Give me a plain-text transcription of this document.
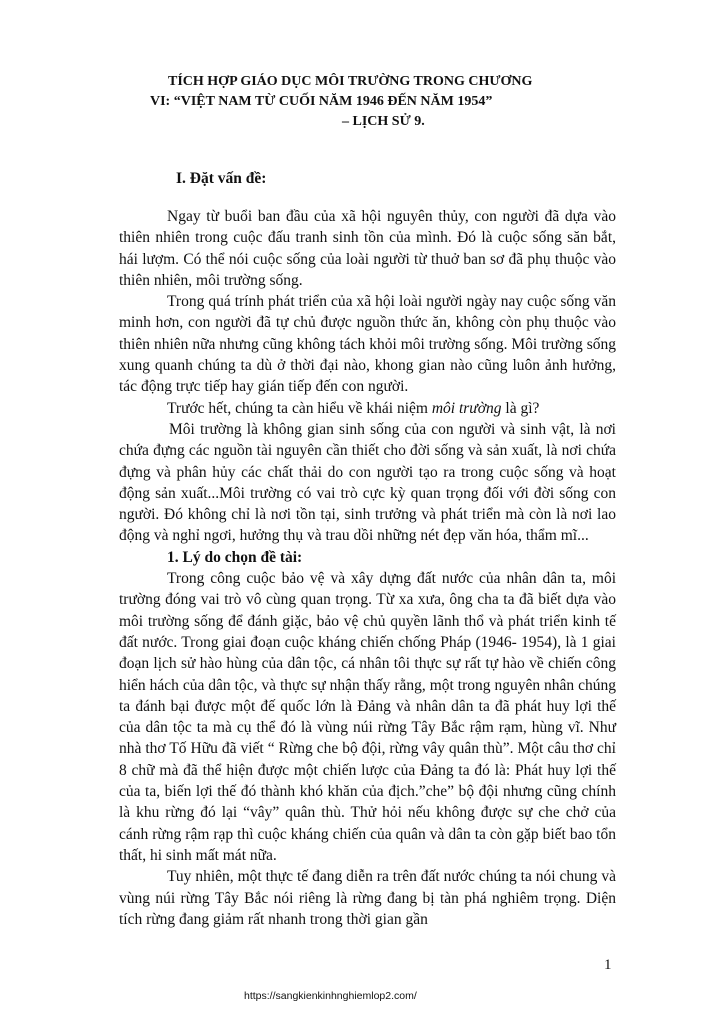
TÍCH HỢP GIÁO DỤC MÔI TRƯỜNG TRONG CHƯƠNG
VI: “VIỆT NAM TỪ CUỐI NĂM 1946 ĐẾN NĂM 1954”
– LỊCH SỬ 9.
I. Đặt vấn đề:

Ngay từ buổi ban đầu của xã hội nguyên thủy, con người đã dựa vào thiên nhiên trong cuộc đấu tranh sinh tồn của mình. Đó là cuộc sống săn bắt, hái lượm. Có thể nói cuộc sống của loài người từ thuở ban sơ đã phụ thuộc vào thiên nhiên, môi trường sống.

Trong quá trính phát triển của xã hội loài người ngày nay cuộc sống văn minh hơn, con người đã tự chủ được nguồn thức ăn, không còn phụ thuộc vào thiên nhiên nữa nhưng cũng không tách khỏi môi trường sống. Môi trường sống xung quanh chúng ta dù ở thời đại nào, khong gian nào cũng luôn ảnh hưởng, tác động trực tiếp hay gián tiếp đến con người.

Trước hết, chúng ta càn hiểu về khái niệm môi trường là gì?

Môi trường là không gian sinh sống của con người và sinh vật, là nơi chứa đựng các nguồn tài nguyên cần thiết cho đời sống và sản xuất, là nơi chứa đựng và phân hủy các chất thải do con người tạo ra trong cuộc sống và hoạt động sản xuất...Môi trường có vai trò cực kỳ quan trọng đối với đời sống con người. Đó không chỉ là nơi tồn tại, sinh trưởng và phát triển mà còn là nơi lao động và nghỉ ngơi, hưởng thụ và trau dồi những nét đẹp văn hóa, thẩm mĩ...

1. Lý do chọn đề tài:

Trong công cuộc bảo vệ và xây dựng đất nước của nhân dân ta, môi trường đóng vai trò vô cùng quan trọng. Từ xa xưa, ông cha ta đã biết dựa vào môi trường sống để đánh giặc, bảo vệ chủ quyền lãnh thổ và phát triển kinh tế đất nước. Trong giai đoạn cuộc kháng chiến chống Pháp (1946- 1954), là 1 giai đoạn lịch sử hào hùng của dân tộc, cá nhân tôi thực sự rất tự hào về chiến công hiển hách của dân tộc, và thực sự nhận thấy rằng, một trong nguyên nhân chúng ta đánh bại được một đế quốc lớn là Đảng và nhân dân ta đã phát huy lợi thế của dân tộc ta mà cụ thể đó là vùng núi rừng Tây Bắc rậm rạm, hùng vĩ. Như nhà thơ Tố Hữu đã viết “ Rừng che bộ đội, rừng vây quân thù”. Một câu thơ chỉ 8 chữ mà đã thể hiện được một chiến lược của Đảng ta đó là: Phát huy lợi thế của ta, biến lợi thế đó thành khó khăn của địch.”che” bộ đội nhưng cũng chính là khu rừng đó lại “vây” quân thù. Thử hỏi nếu không được sự che chở của cánh rừng rậm rạp thì cuộc kháng chiến của quân và dân ta còn gặp biết bao tổn thất, hi sinh mất mát nữa.

Tuy nhiên, một thực tế đang diễn ra trên đất nước chúng ta nói chung và vùng núi rừng Tây Bắc nói riêng là rừng đang bị tàn phá nghiêm trọng. Diện tích rừng đang giảm rất nhanh trong thời gian gần

1
https://sangkienkinhnghiemlop2.com/
